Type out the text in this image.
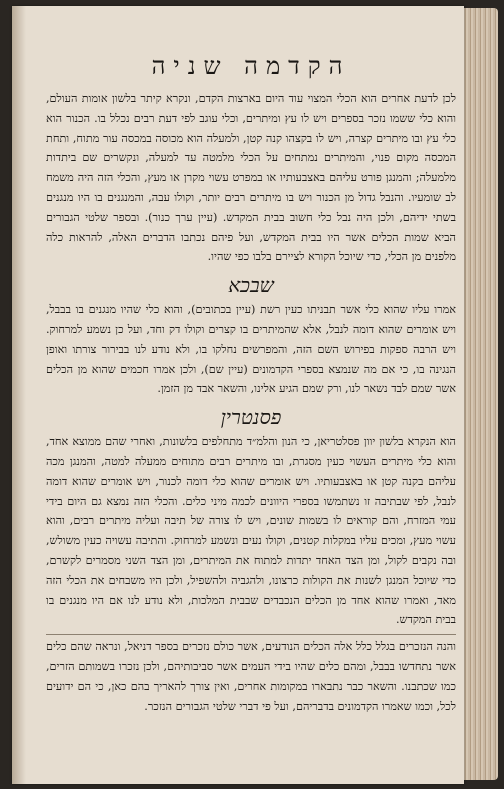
הקדמה שניה

לכן לדעת אחרים הוא הכלי המצוי עוד היום בארצות הקדם, ונקרא קיתר בלשון אומות העולם, והוא כלי ששמו נזכר בספרים ויש לו עץ ומיתרים, וכלי עוגב לפי דעת רבים נכלל בו. הכנור הוא כלי עץ ובו מיתרים קצרה, ויש לו בקצהו קנה קטן, ולמעלה הוא מכוסה במכסה עור מתוח, ותחת המכסה מקום פנוי, והמיתרים נמתחים על הכלי מלמטה עד למעלה, ונקשרים שם ביתדות מלמעלה; והמנגן פורט עליהם באצבעותיו או במפרט עשוי מקרן או מעץ, והכלי הזה היה משמח לב שומעיו. והנבל גדול מן הכנור ויש בו מיתרים רבים יותר, וקולו עבה, והמנגנים בו היו מנגנים בשתי ידיהם, ולכן היה נבל כלי חשוב בבית המקדש. (עיין ערך כנור). ובספר שלטי הגבורים הביא שמות הכלים אשר היו בבית המקדש, ועל פיהם נכתבו הדברים האלה, להראות כלה מלפנים מן הכלי, כדי שיוכל הקורא לציירם בלבו כפי שהיו.

שבכא

אמרו עליו שהוא כלי אשר תבניתו כעין רשת (עיין בכתובים), והוא כלי שהיו מנגנים בו בבבל, ויש אומרים שהוא דומה לנבל, אלא שהמיתרים בו קצרים וקולו דק וחד, ועל כן נשמע למרחוק. ויש הרבה ספקות בפירוש השם הזה, והמפרשים נחלקו בו, ולא נודע לנו בבירור צורתו ואופן הנגינה בו, כי אם מה שנמצא בספרי הקדמונים (עיין שם), ולכן אמרו חכמים שהוא מן הכלים אשר שמם לבד נשאר לנו, ורק שמם הגיע אלינו, והשאר אבד מן הזמן.

פסנטרין

הוא הנקרא בלשון יוון פסלטריאן, כי הנון והלמ״ד מתחלפים בלשונות, ואחרי שהם ממוצא אחד, והוא כלי מיתרים העשוי כעין מסגרת, ובו מיתרים רבים מתוחים ממעלה למטה, והמנגן מכה עליהם בקנה קטן או באצבעותיו. ויש אומרים שהוא כלי דומה לכנור, ויש אומרים שהוא דומה לנבל, לפי שבתיבה זו נשתמשו בספרי היוונים לכמה מיני כלים. והכלי הזה נמצא גם היום בידי עמי המזרח, והם קוראים לו בשמות שונים, ויש לו צורה של תיבה ועליה מיתרים רבים, והוא עשוי מעץ, ומכים עליו במקלות קטנים, וקולו נעים ונשמע למרחוק. והתיבה עשויה כעין משולש, ובה נקבים לקול, ומן הצד האחד יתדות למתוח את המיתרים, ומן הצד השני מסמרים לקשרם, כדי שיוכל המנגן לשנות את הקולות כרצונו, ולהגביה ולהשפיל, ולכן היו משבחים את הכלי הזה מאד, ואמרו שהוא אחד מן הכלים הנכבדים שבבית המלכות, ולא נודע לנו אם היו מנגנים בו בבית המקדש.

והנה הנזכרים בגלל כלל אלה הכלים הנודעים, אשר כולם נזכרים בספר דניאל, ונראה שהם כלים אשר נתחדשו בבבל, ומהם כלים שהיו בידי העמים אשר סביבותיהם, ולכן נזכרו בשמותם הזרים, כמו שכתבנו. והשאר כבר נתבארו במקומות אחרים, ואין צורך להאריך בהם כאן, כי הם ידועים לכל, וכמו שאמרו הקדמונים בדבריהם, ועל פי דברי שלטי הגבורים הנזכר.
